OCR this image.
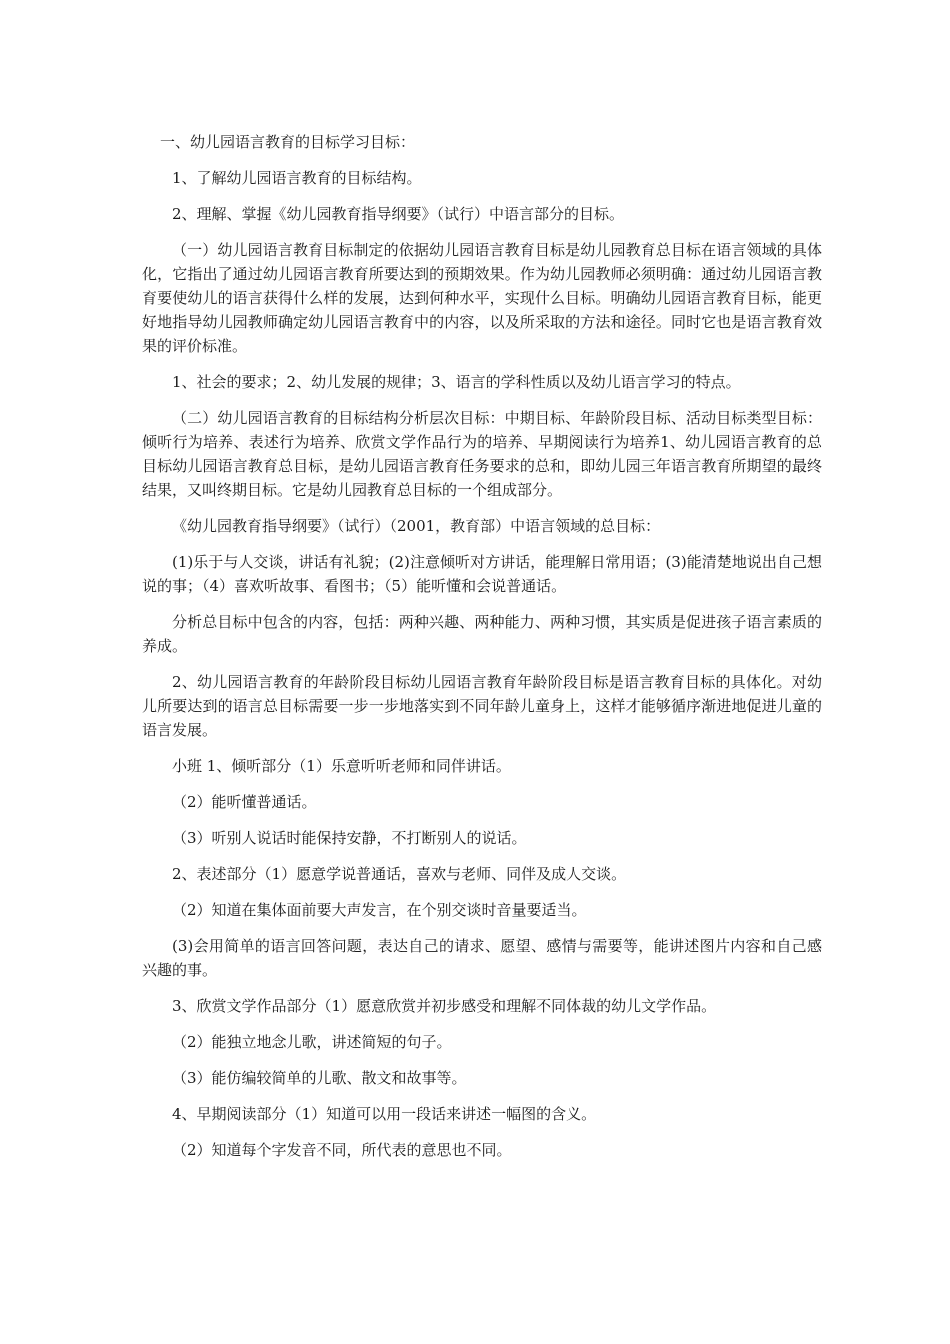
一、幼儿园语言教育的目标学习目标：

1、了解幼儿园语言教育的目标结构。

2、理解、掌握《幼儿园教育指导纲要》（试行）中语言部分的目标。

（一）幼儿园语言教育目标制定的依据幼儿园语言教育目标是幼儿园教育总目标在语言领域的具体化，它指出了通过幼儿园语言教育所要达到的预期效果。作为幼儿园教师必须明确：通过幼儿园语言教育要使幼儿的语言获得什么样的发展，达到何种水平，实现什么目标。明确幼儿园语言教育目标，能更好地指导幼儿园教师确定幼儿园语言教育中的内容，以及所采取的方法和途径。同时它也是语言教育效果的评价标准。

1、社会的要求；2、幼儿发展的规律；3、语言的学科性质以及幼儿语言学习的特点。

（二）幼儿园语言教育的目标结构分析层次目标：中期目标、年龄阶段目标、活动目标类型目标：倾听行为培养、表述行为培养、欣赏文学作品行为的培养、早期阅读行为培养1、幼儿园语言教育的总目标幼儿园语言教育总目标，是幼儿园语言教育任务要求的总和，即幼儿园三年语言教育所期望的最终结果，又叫终期目标。它是幼儿园教育总目标的一个组成部分。

《幼儿园教育指导纲要》（试行）（2001，教育部）中语言领域的总目标：

(1)乐于与人交谈，讲话有礼貌；(2)注意倾听对方讲话，能理解日常用语；(3)能清楚地说出自己想说的事；（4）喜欢听故事、看图书；（5）能听懂和会说普通话。

分析总目标中包含的内容，包括：两种兴趣、两种能力、两种习惯，其实质是促进孩子语言素质的养成。

2、幼儿园语言教育的年龄阶段目标幼儿园语言教育年龄阶段目标是语言教育目标的具体化。对幼儿所要达到的语言总目标需要一步一步地落实到不同年龄儿童身上，这样才能够循序渐进地促进儿童的语言发展。

小班 1、倾听部分（1）乐意听听老师和同伴讲话。

（2）能听懂普通话。

（3）听别人说话时能保持安静，不打断别人的说话。

2、表述部分（1）愿意学说普通话，喜欢与老师、同伴及成人交谈。

（2）知道在集体面前要大声发言，在个别交谈时音量要适当。

(3)会用简单的语言回答问题，表达自己的请求、愿望、感情与需要等，能讲述图片内容和自己感兴趣的事。

3、欣赏文学作品部分（1）愿意欣赏并初步感受和理解不同体裁的幼儿文学作品。

（2）能独立地念儿歌，讲述简短的句子。

（3）能仿编较简单的儿歌、散文和故事等。

4、早期阅读部分（1）知道可以用一段话来讲述一幅图的含义。

（2）知道每个字发音不同，所代表的意思也不同。
